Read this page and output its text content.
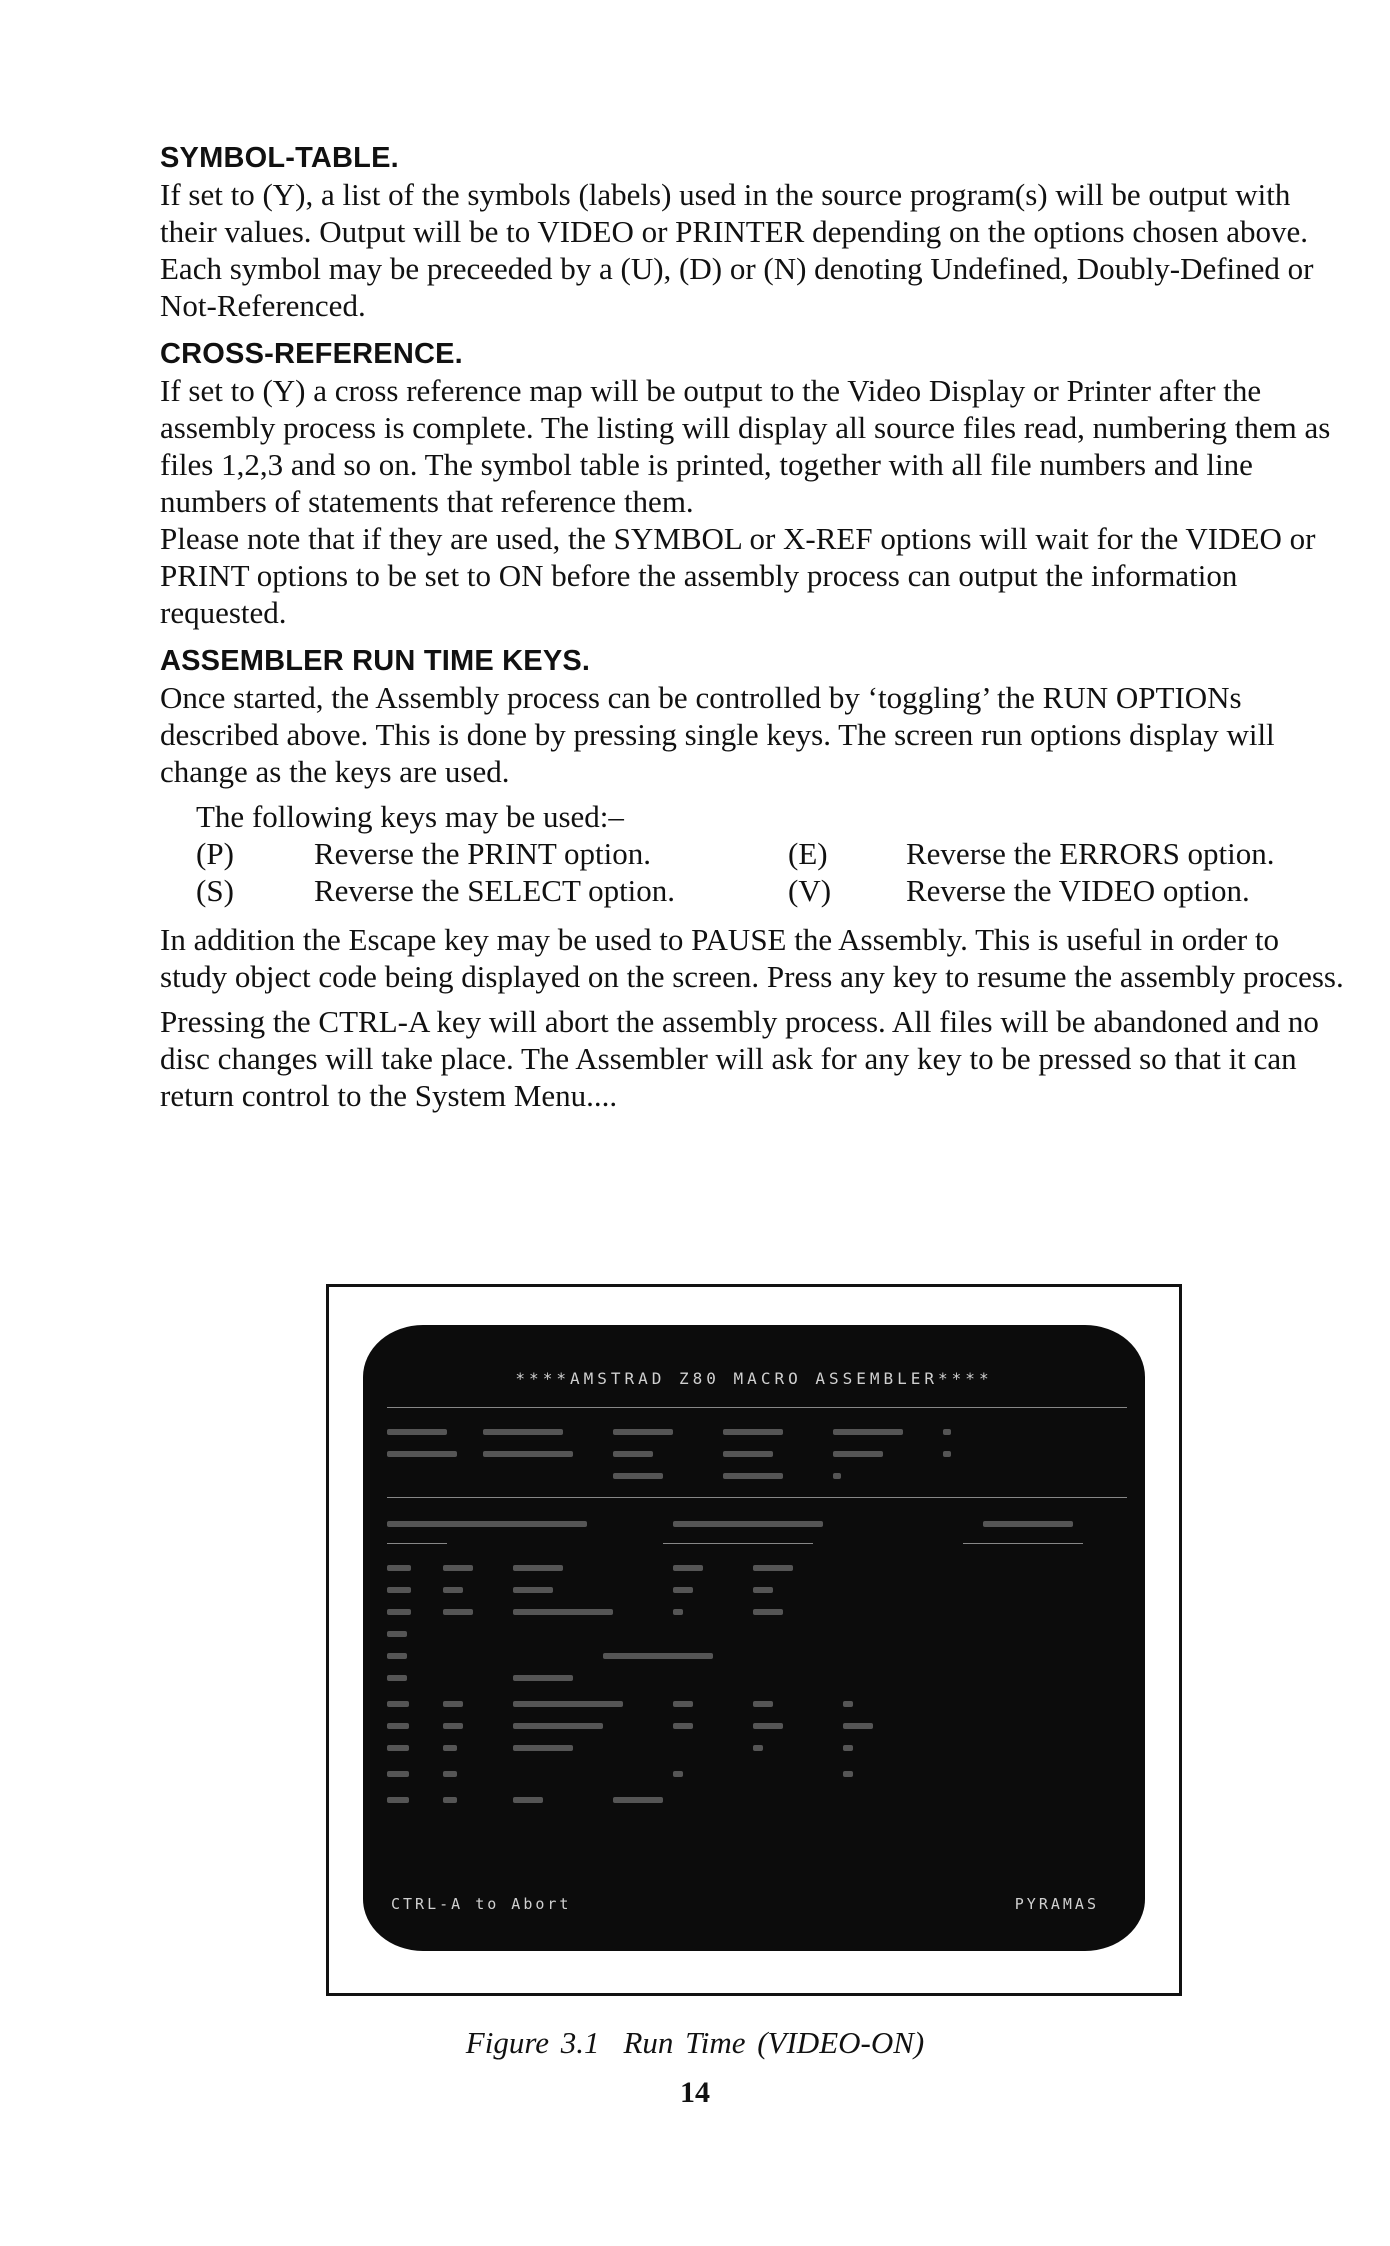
SYMBOL-TABLE.

If set to (Y), a list of the symbols (labels) used in the source program(s) will be output with their values. Output will be to VIDEO or PRINTER depending on the options chosen above. Each symbol may be preceeded by a (U), (D) or (N) denoting Undefined, Doubly-Defined or Not-Referenced.

CROSS-REFERENCE.

If set to (Y) a cross reference map will be output to the Video Display or Printer after the assembly process is complete. The listing will display all source files read, numbering them as files 1,2,3 and so on. The symbol table is printed, together with all file numbers and line numbers of statements that reference them.

Please note that if they are used, the SYMBOL or X-REF options will wait for the VIDEO or PRINT options to be set to ON before the assembly process can output the information requested.

ASSEMBLER RUN TIME KEYS.

Once started, the Assembly process can be controlled by ‘toggling’ the RUN OPTIONs described above. This is done by pressing single keys. The screen run options display will change as the keys are used.

The following keys may be used:–

(P)	Reverse the PRINT option.	(E)	Reverse the ERRORS option.
(S)	Reverse the SELECT option.	(V)	Reverse the VIDEO option.

In addition the Escape key may be used to PAUSE the Assembly. This is useful in order to study object code being displayed on the screen. Press any key to resume the assembly process.

Pressing the CTRL-A key will abort the assembly process. All files will be abandoned and no disc changes will take place. The Assembler will ask for any key to be pressed so that it can return control to the System Menu....

****AMSTRAD Z80 MACRO ASSEMBLER****
CTRL-A to Abort	PYRAMAS
Figure 3.1 Run Time (VIDEO-ON)
14
